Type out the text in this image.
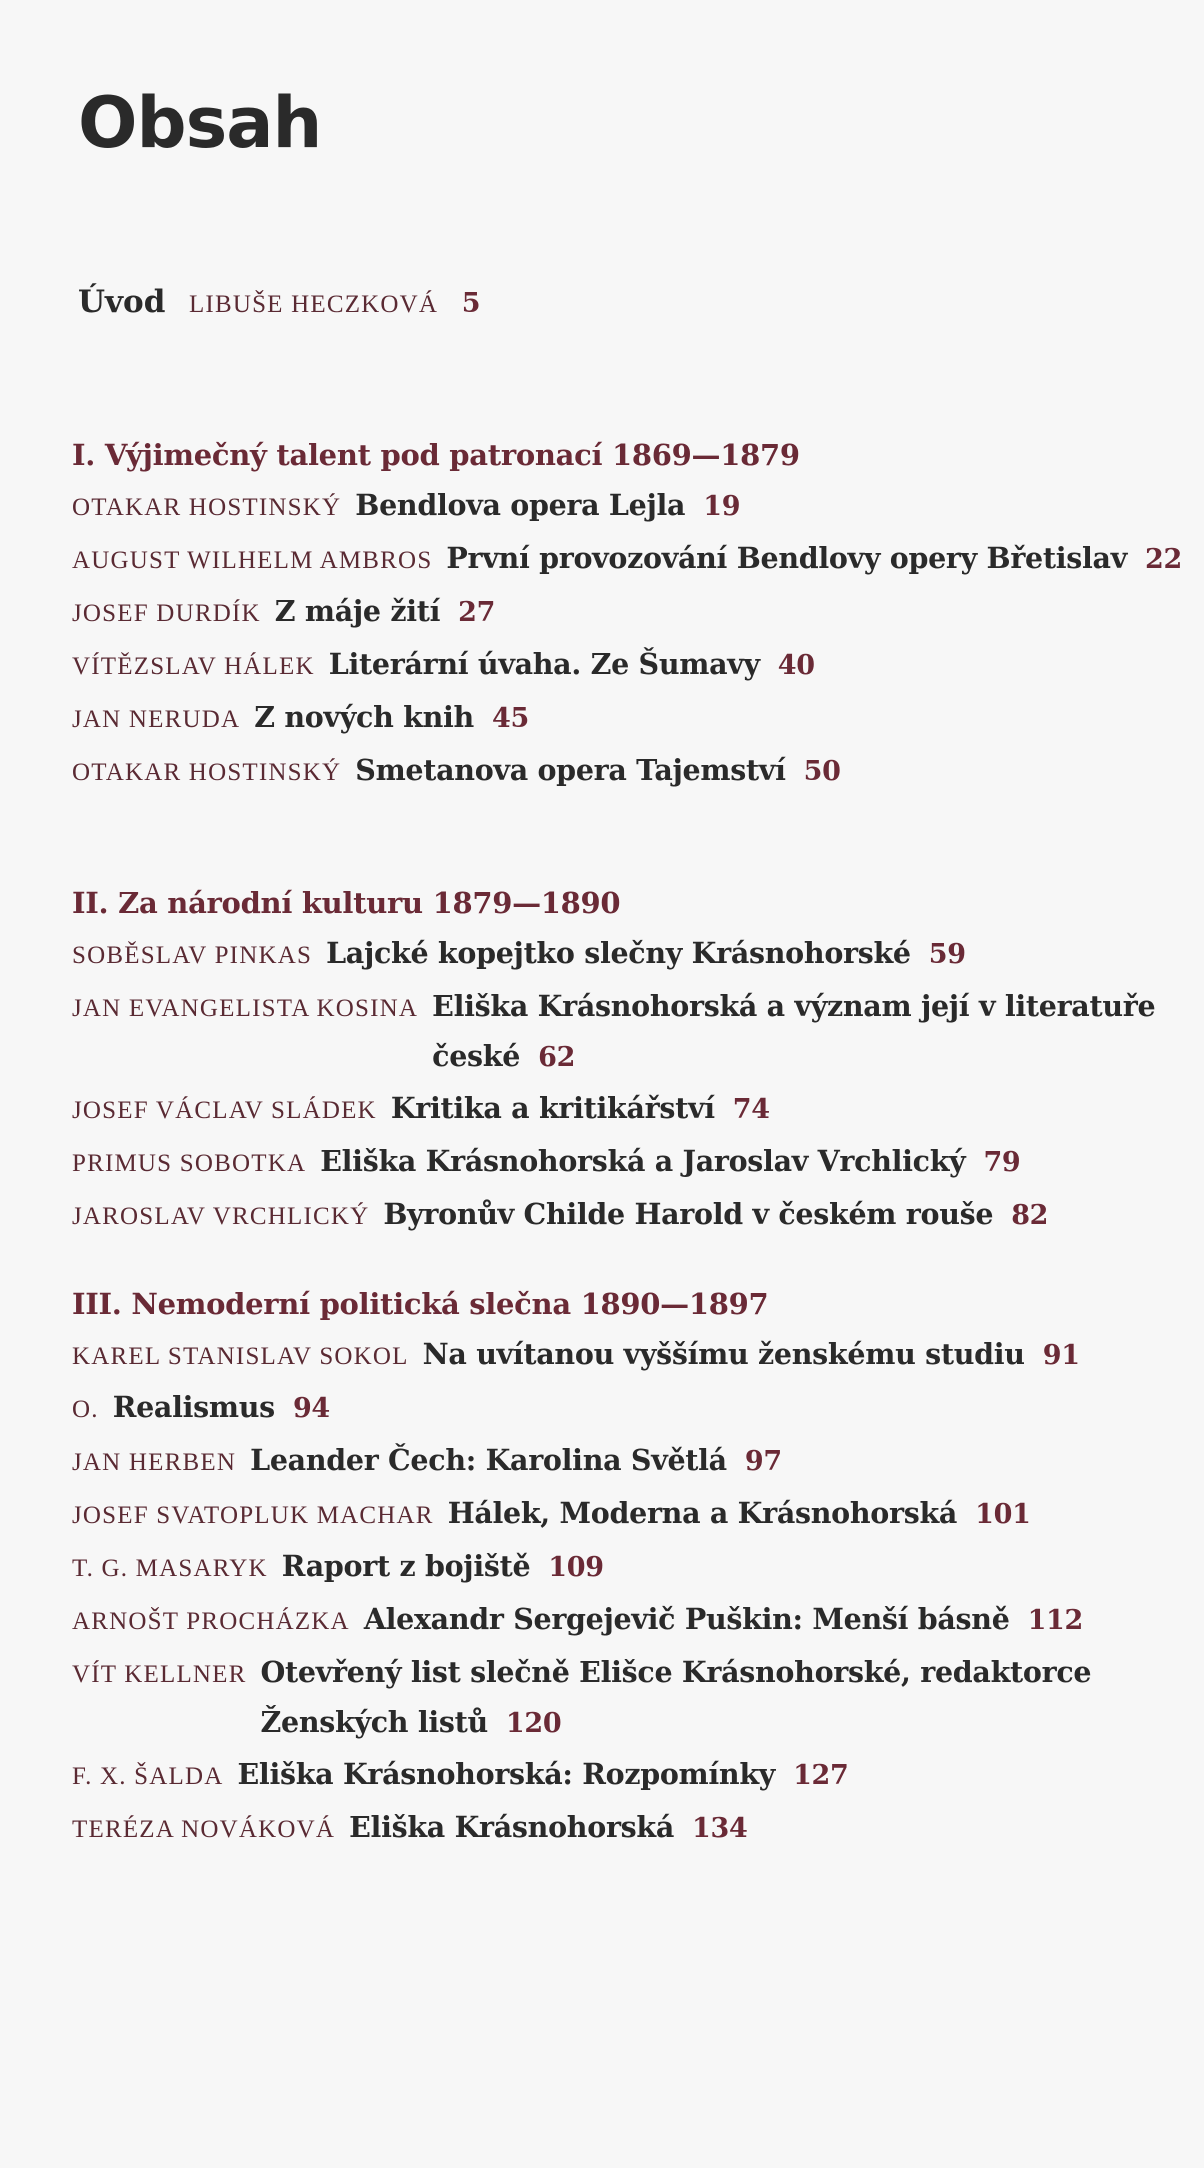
Obsah
Úvod LIBUŠE HECZKOVÁ 5
I. Výjimečný talent pod patronací 1869—1879
OTAKAR HOSTINSKÝ Bendlova opera Lejla 19
AUGUST WILHELM AMBROS První provozování Bendlovy opery Břetislav 22
JOSEF DURDÍK Z máje žití 27
VÍTĚZSLAV HÁLEK Literární úvaha. Ze Šumavy 40
JAN NERUDA Z nových knih 45
OTAKAR HOSTINSKÝ Smetanova opera Tajemství 50
II. Za národní kulturu 1879—1890
SOBĚSLAV PINKAS Lajcké kopejtko slečny Krásnohorské 59
JAN EVANGELISTA KOSINA Eliška Krásnohorská a význam její v literatuře české 62
JOSEF VÁCLAV SLÁDEK Kritika a kritikářství 74
PRIMUS SOBOTKA Eliška Krásnohorská a Jaroslav Vrchlický 79
JAROSLAV VRCHLICKÝ Byronův Childe Harold v českém rouše 82
III. Nemoderní politická slečna 1890—1897
KAREL STANISLAV SOKOL Na uvítanou vyššímu ženskému studiu 91
O. Realismus 94
JAN HERBEN Leander Čech: Karolina Světlá 97
JOSEF SVATOPLUK MACHAR Hálek, Moderna a Krásnohorská 101
T. G. MASARYK Raport z bojiště 109
ARNOŠT PROCHÁZKA Alexandr Sergejevič Puškin: Menší básně 112
VÍT KELLNER Otevřený list slečně Elišce Krásnohorské, redaktorce Ženských listů 120
F. X. ŠALDA Eliška Krásnohorská: Rozpomínky 127
TERÉZA NOVÁKOVÁ Eliška Krásnohorská 134
